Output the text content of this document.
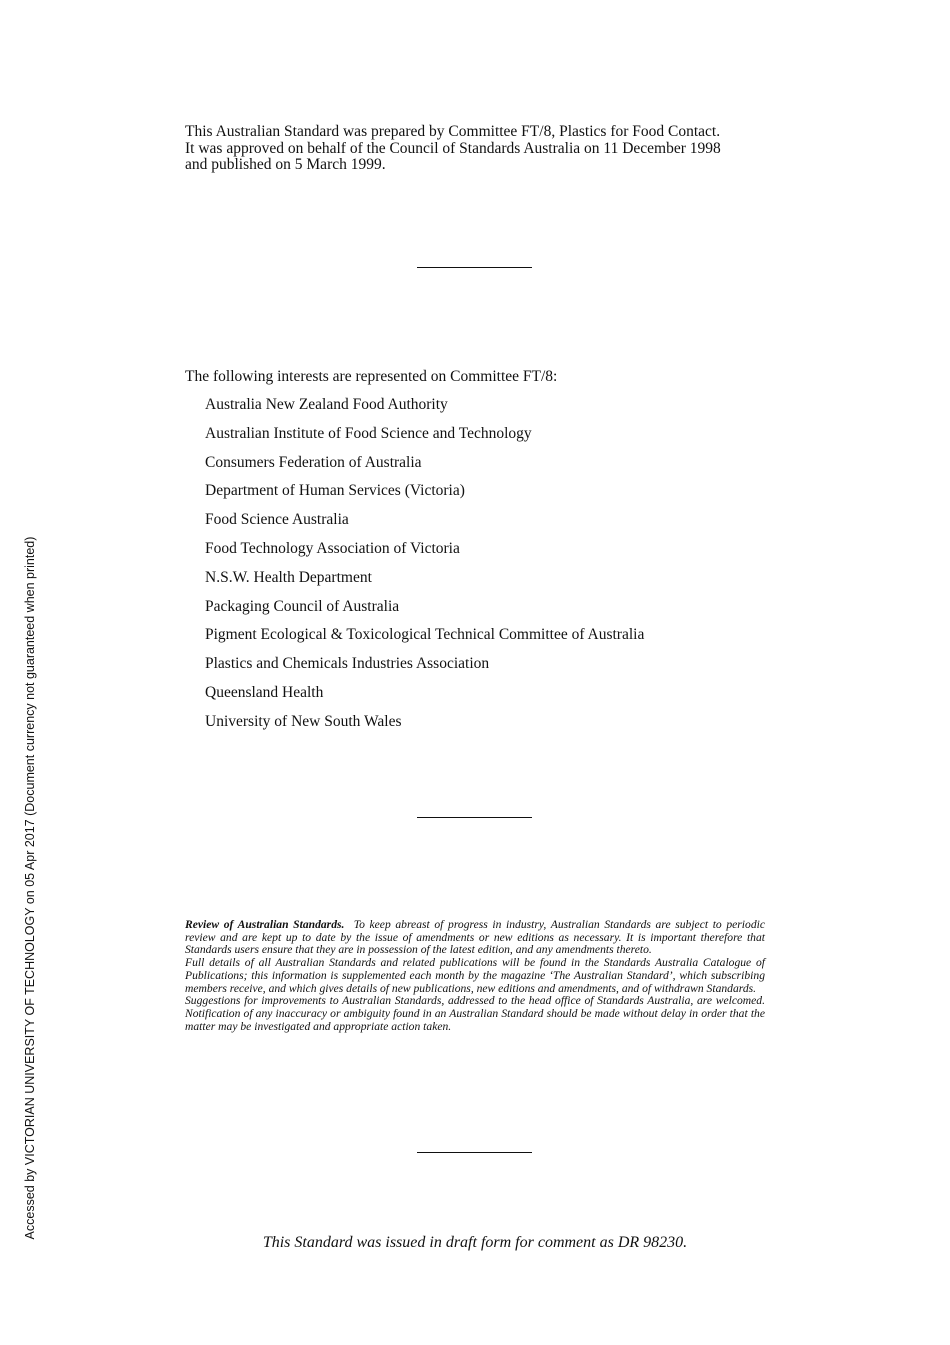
This Australian Standard was prepared by Committee FT/8, Plastics for Food Contact.
It was approved on behalf of the Council of Standards Australia on 11 December 1998
and published on 5 March 1999.
The following interests are represented on Committee FT/8:
Australia New Zealand Food Authority
Australian Institute of Food Science and Technology
Consumers Federation of Australia
Department of Human Services (Victoria)
Food Science Australia
Food Technology Association of Victoria
N.S.W. Health Department
Packaging Council of Australia
Pigment Ecological & Toxicological Technical Committee of Australia
Plastics and Chemicals Industries Association
Queensland Health
University of New South Wales

Review of Australian Standards. To keep abreast of progress in industry, Australian Standards are subject to periodic review and are kept up to date by the issue of amendments or new editions as necessary. It is important therefore that Standards users ensure that they are in possession of the latest edition, and any amendments thereto.

Full details of all Australian Standards and related publications will be found in the Standards Australia Catalogue of Publications; this information is supplemented each month by the magazine ‘The Australian Standard’, which subscribing members receive, and which gives details of new publications, new editions and amendments, and of withdrawn Standards.

Suggestions for improvements to Australian Standards, addressed to the head office of Standards Australia, are welcomed. Notification of any inaccuracy or ambiguity found in an Australian Standard should be made without delay in order that the matter may be investigated and appropriate action taken.

This Standard was issued in draft form for comment as DR 98230.
Accessed by VICTORIAN UNIVERSITY OF TECHNOLOGY on 05 Apr 2017 (Document currency not guaranteed when printed)
